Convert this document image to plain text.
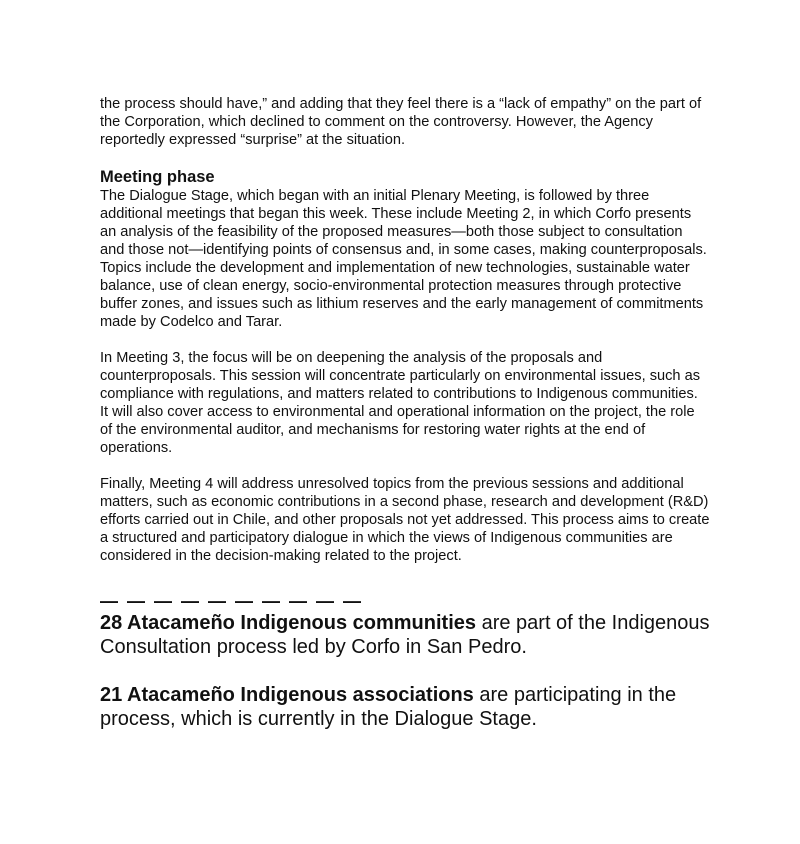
the process should have,” and adding that they feel there is a “lack of empathy” on the part of the Corporation, which declined to comment on the controversy. However, the Agency reportedly expressed “surprise” at the situation.

Meeting phase

The Dialogue Stage, which began with an initial Plenary Meeting, is followed by three additional meetings that began this week. These include Meeting 2, in which Corfo presents an analysis of the feasibility of the proposed measures—both those subject to consultation and those not—identifying points of consensus and, in some cases, making counterproposals. Topics include the development and implementation of new technologies, sustainable water balance, use of clean energy, socio-environmental protection measures through protective buffer zones, and issues such as lithium reserves and the early management of commitments made by Codelco and Tarar.

In Meeting 3, the focus will be on deepening the analysis of the proposals and counterproposals. This session will concentrate particularly on environmental issues, such as compliance with regulations, and matters related to contributions to Indigenous communities. It will also cover access to environmental and operational information on the project, the role of the environmental auditor, and mechanisms for restoring water rights at the end of operations.

Finally, Meeting 4 will address unresolved topics from the previous sessions and additional matters, such as economic contributions in a second phase, research and development (R&D) efforts carried out in Chile, and other proposals not yet addressed. This process aims to create a structured and participatory dialogue in which the views of Indigenous communities are considered in the decision-making related to the project.

— — — — — — — — — —

28 Atacameño Indigenous communities are part of the Indigenous Consultation process led by Corfo in San Pedro.

21 Atacameño Indigenous associations are participating in the process, which is currently in the Dialogue Stage.
